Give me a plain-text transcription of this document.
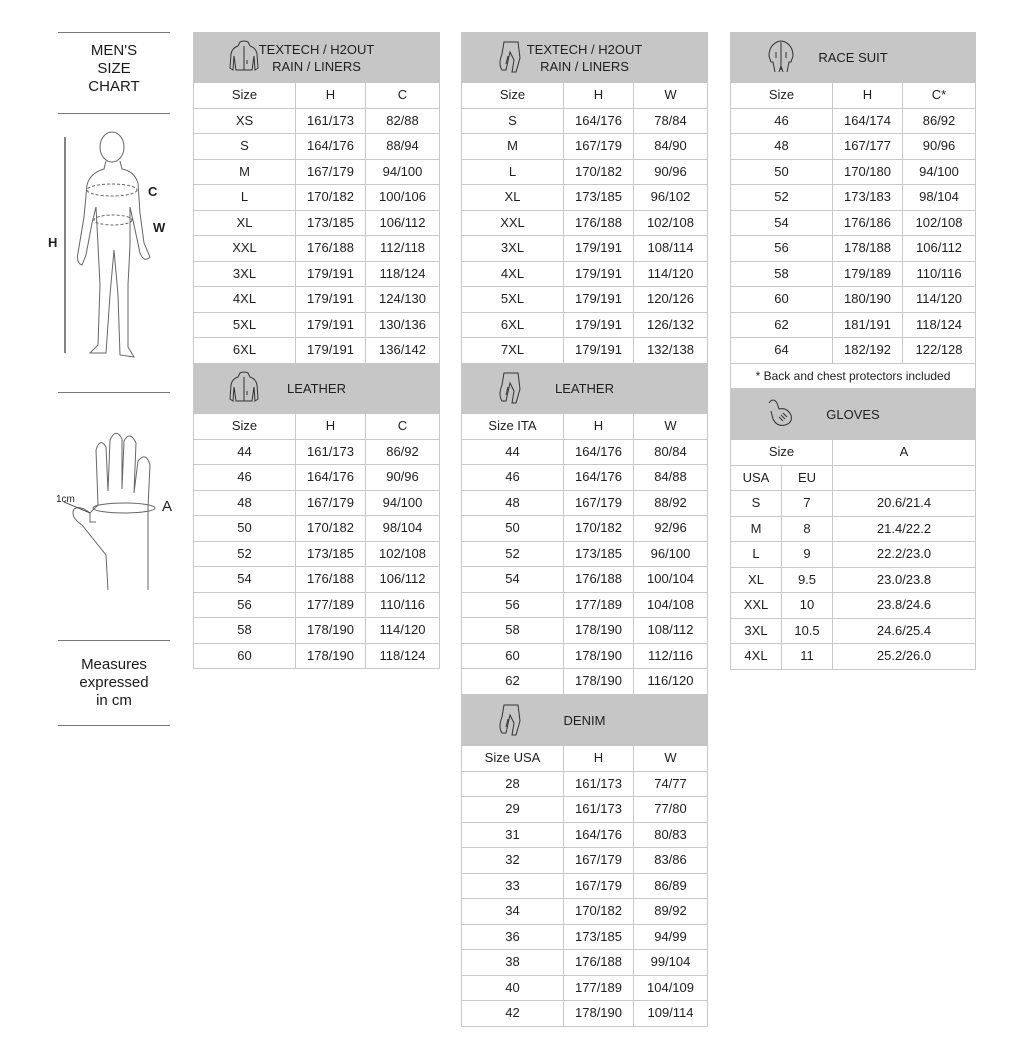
MEN'S
SIZE
CHART
H
C
W
1cm	A
Measures
expressed
in cm
TEXTECH / H2OUT
RAIN / LINERS		
Size	H	C
XS	161/173	82/88
S	164/176	88/94
M	167/179	94/100
L	170/182	100/106
XL	173/185	106/112
XXL	176/188	112/118
3XL	179/191	118/124
4XL	179/191	124/130
5XL	179/191	130/136
6XL	179/191	136/142
LEATHER		
Size	H	C
44	161/173	86/92
46	164/176	90/96
48	167/179	94/100
50	170/182	98/104
52	173/185	102/108
54	176/188	106/112
56	177/189	110/116
58	178/190	114/120
60	178/190	118/124
TEXTECH / H2OUT
RAIN / LINERS		
Size	H	W
S	164/176	78/84
M	167/179	84/90
L	170/182	90/96
XL	173/185	96/102
XXL	176/188	102/108
3XL	179/191	108/114
4XL	179/191	114/120
5XL	179/191	120/126
6XL	179/191	126/132
7XL	179/191	132/138
LEATHER		
Size ITA	H	W
44	164/176	80/84
46	164/176	84/88
48	167/179	88/92
50	170/182	92/96
52	173/185	96/100
54	176/188	100/104
56	177/189	104/108
58	178/190	108/112
60	178/190	112/116
62	178/190	116/120
DENIM		
Size USA	H	W
28	161/173	74/77
29	161/173	77/80
31	164/176	80/83
32	167/179	83/86
33	167/179	86/89
34	170/182	89/92
36	173/185	94/99
38	176/188	99/104
40	177/189	104/109
42	178/190	109/114
RACE SUIT		
Size	H	C*
46	164/174	86/92
48	167/177	90/96
50	170/180	94/100
52	173/183	98/104
54	176/186	102/108
56	178/188	106/112
58	179/189	110/116
60	180/190	114/120
62	181/191	118/124
64	182/192	122/128
* Back and chest protectors included		
GLOVES		
Size		A
USA	EU	
S	7	20.6/21.4
M	8	21.4/22.2
L	9	22.2/23.0
XL	9.5	23.0/23.8
XXL	10	23.8/24.6
3XL	10.5	24.6/25.4
4XL	11	25.2/26.0
